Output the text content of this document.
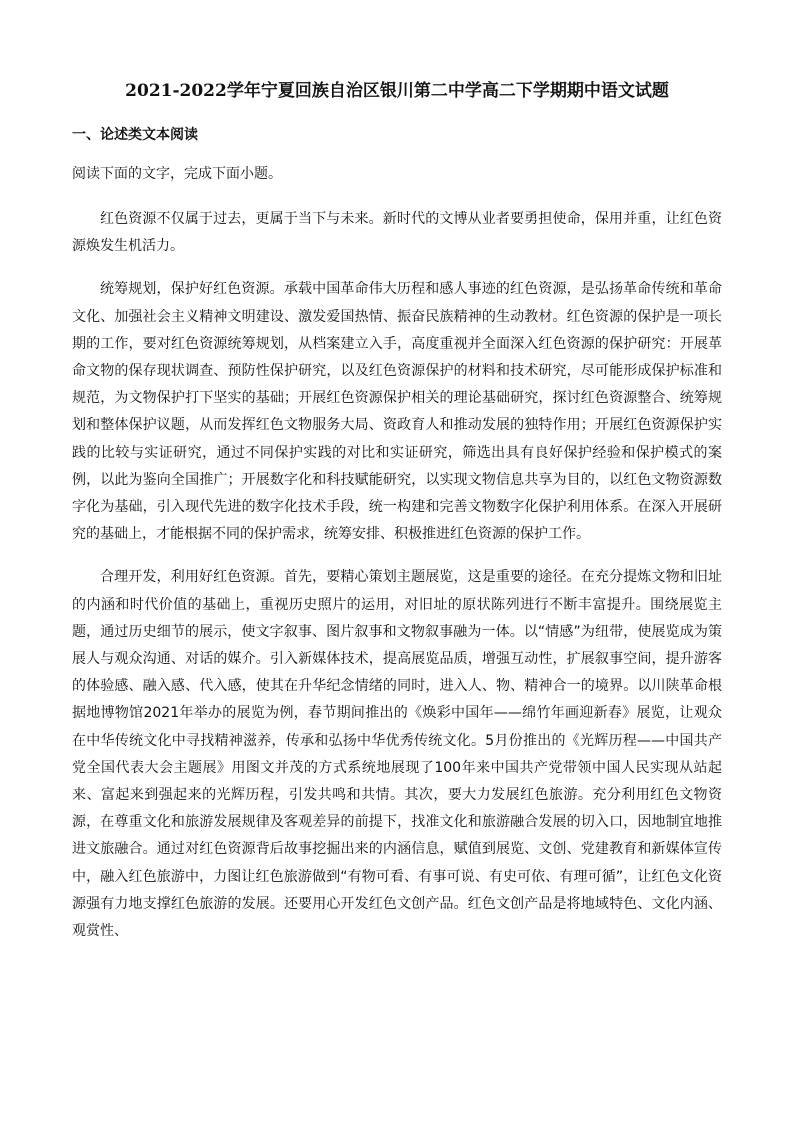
2021-2022学年宁夏回族自治区银川第二中学高二下学期期中语文试题
一、论述类文本阅读

阅读下面的文字，完成下面小题。

红色资源不仅属于过去，更属于当下与未来。新时代的文博从业者要勇担使命，保用并重，让红色资源焕发生机活力。

统筹规划，保护好红色资源。承载中国革命伟大历程和感人事迹的红色资源，是弘扬革命传统和革命文化、加强社会主义精神文明建设、激发爱国热情、振奋民族精神的生动教材。红色资源的保护是一项长期的工作，要对红色资源统筹规划，从档案建立入手，高度重视并全面深入红色资源的保护研究：开展革命文物的保存现状调查、预防性保护研究，以及红色资源保护的材料和技术研究，尽可能形成保护标准和规范，为文物保护打下坚实的基础；开展红色资源保护相关的理论基础研究，探讨红色资源整合、统筹规划和整体保护议题，从而发挥红色文物服务大局、资政育人和推动发展的独特作用；开展红色资源保护实践的比较与实证研究，通过不同保护实践的对比和实证研究，筛选出具有良好保护经验和保护模式的案例，以此为鉴向全国推广；开展数字化和科技赋能研究，以实现文物信息共享为目的，以红色文物资源数字化为基础，引入现代先进的数字化技术手段，统一构建和完善文物数字化保护利用体系。在深入开展研究的基础上，才能根据不同的保护需求，统筹安排、积极推进红色资源的保护工作。

合理开发，利用好红色资源。首先，要精心策划主题展览，这是重要的途径。在充分提炼文物和旧址的内涵和时代价值的基础上，重视历史照片的运用，对旧址的原状陈列进行不断丰富提升。围绕展览主题，通过历史细节的展示，使文字叙事、图片叙事和文物叙事融为一体。以“情感”为纽带，使展览成为策展人与观众沟通、对话的媒介。引入新媒体技术，提高展览品质，增强互动性，扩展叙事空间，提升游客的体验感、融入感、代入感，使其在升华纪念情绪的同时，进入人、物、精神合一的境界。以川陕革命根据地博物馆2021年举办的展览为例，春节期间推出的《焕彩中国年——绵竹年画迎新春》展览，让观众在中华传统文化中寻找精神滋养，传承和弘扬中华优秀传统文化。5月份推出的《光辉历程——中国共产党全国代表大会主题展》用图文并茂的方式系统地展现了100年来中国共产党带领中国人民实现从站起来、富起来到强起来的光辉历程，引发共鸣和共情。其次，要大力发展红色旅游。充分利用红色文物资源，在尊重文化和旅游发展规律及客观差异的前提下，找准文化和旅游融合发展的切入口，因地制宜地推进文旅融合。通过对红色资源背后故事挖掘出来的内涵信息，赋值到展览、文创、党建教育和新媒体宣传中，融入红色旅游中，力图让红色旅游做到“有物可看、有事可说、有史可依、有理可循”，让红色文化资源强有力地支撑红色旅游的发展。还要用心开发红色文创产品。红色文创产品是将地域特色、文化内涵、观赏性、
